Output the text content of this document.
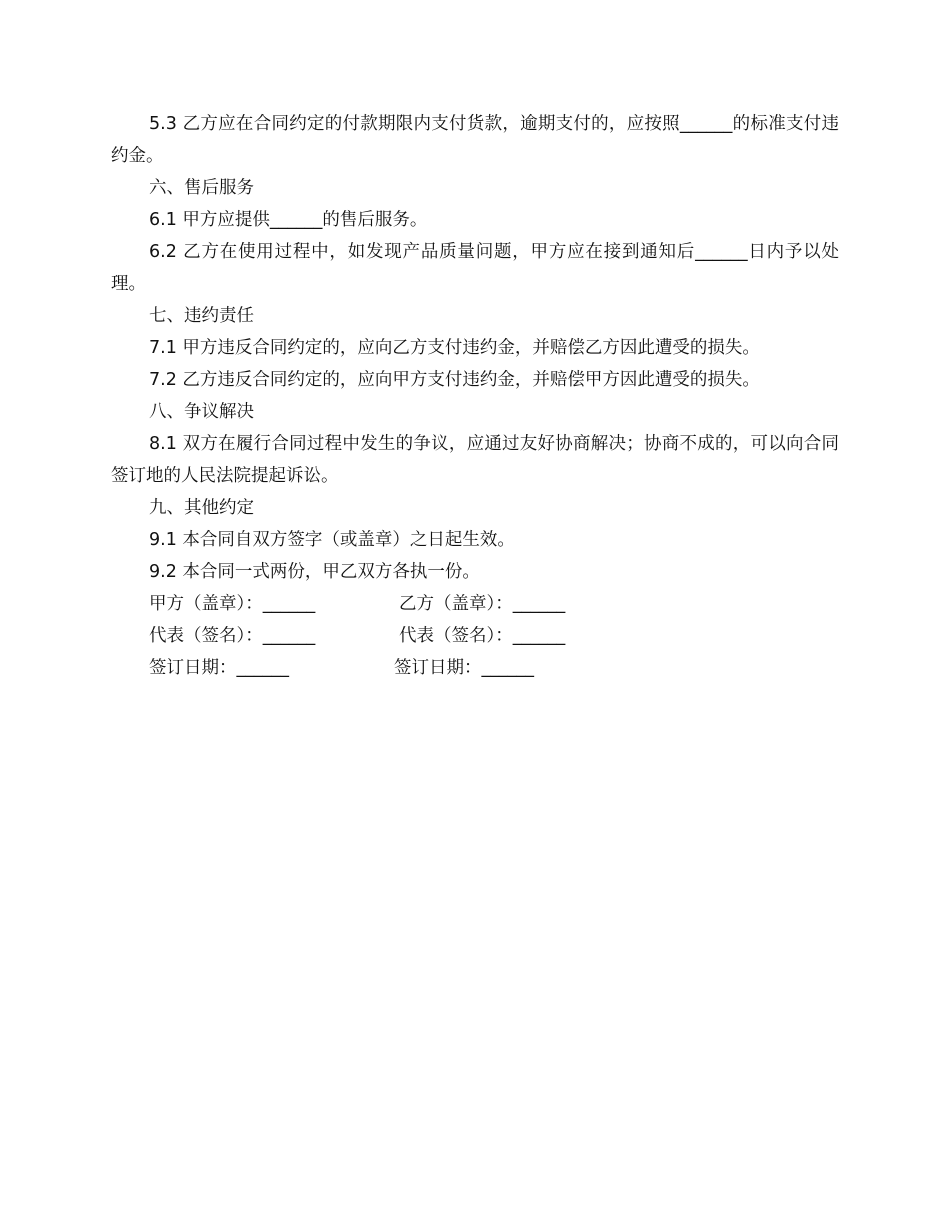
5.3 乙方应在合同约定的付款期限内支付货款，逾期支付的，应按照______的标准支付违约金。

六、售后服务

6.1 甲方应提供______的售后服务。

6.2 乙方在使用过程中，如发现产品质量问题，甲方应在接到通知后______日内予以处理。

七、违约责任

7.1 甲方违反合同约定的，应向乙方支付违约金，并赔偿乙方因此遭受的损失。

7.2 乙方违反合同约定的，应向甲方支付违约金，并赔偿甲方因此遭受的损失。

八、争议解决

8.1 双方在履行合同过程中发生的争议，应通过友好协商解决；协商不成的，可以向合同签订地的人民法院提起诉讼。

九、其他约定

9.1 本合同自双方签字（或盖章）之日起生效。

9.2 本合同一式两份，甲乙双方各执一份。

甲方（盖章）：______	乙方（盖章）：______
代表（签名）：______	代表（签名）：______
签订日期：______	签订日期：______
